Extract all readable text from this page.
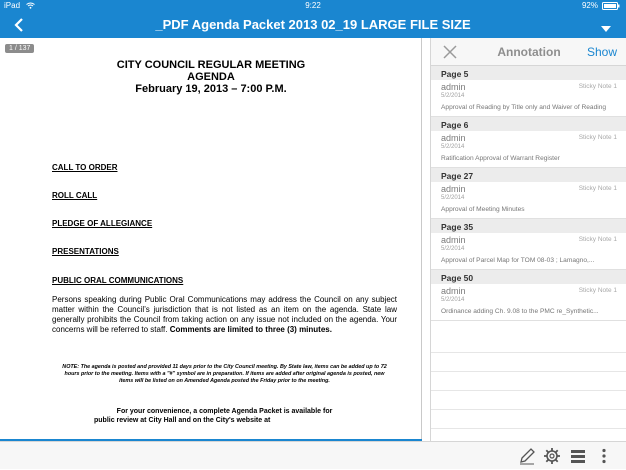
iPad	9:22	92%
_PDF Agenda Packet 2013 02_19 LARGE FILE SIZE
CITY COUNCIL REGULAR MEETING
AGENDA
February 19, 2013 – 7:00 P.M.
CALL TO ORDER
ROLL CALL
PLEDGE OF ALLEGIANCE
PRESENTATIONS
PUBLIC ORAL COMMUNICATIONS
Persons speaking during Public Oral Communications may address the Council on any subject matter within the Council’s jurisdiction that is not listed as an item on the agenda. State law generally prohibits the Council from taking action on any issue not included on the agenda. Your concerns will be referred to staff. Comments are limited to three (3) minutes.
NOTE: The agenda is posted and provided 11 days prior to the City Council meeting. By State law, items can be added up to 72 hours prior to the meeting. Items with a "#" symbol are in preparation. If items are added after original agenda is posted, new items will be listed on on Amended Agenda posted the Friday prior to the meeting.
For your convenience, a complete Agenda Packet is available for
public review at City Hall and on the City's website at
1 / 137	Annotation	Show
Page 5
admin	Sticky Note 1
5/2/2014
Approval of Reading by Title only and Waiver of Reading
Page 6
admin	Sticky Note 1
5/2/2014
Ratification Approval of Warrant Register
Page 27
admin	Sticky Note 1
5/2/2014
Approval of Meeting Minutes
Page 35
admin	Sticky Note 1
5/2/2014
Approval of Parcel Map for TOM 08-03 ; Lamagno,...
Page 50
admin	Sticky Note 1
5/2/2014
Ordinance adding Ch. 9.08 to the PMC re_Synthetic...
